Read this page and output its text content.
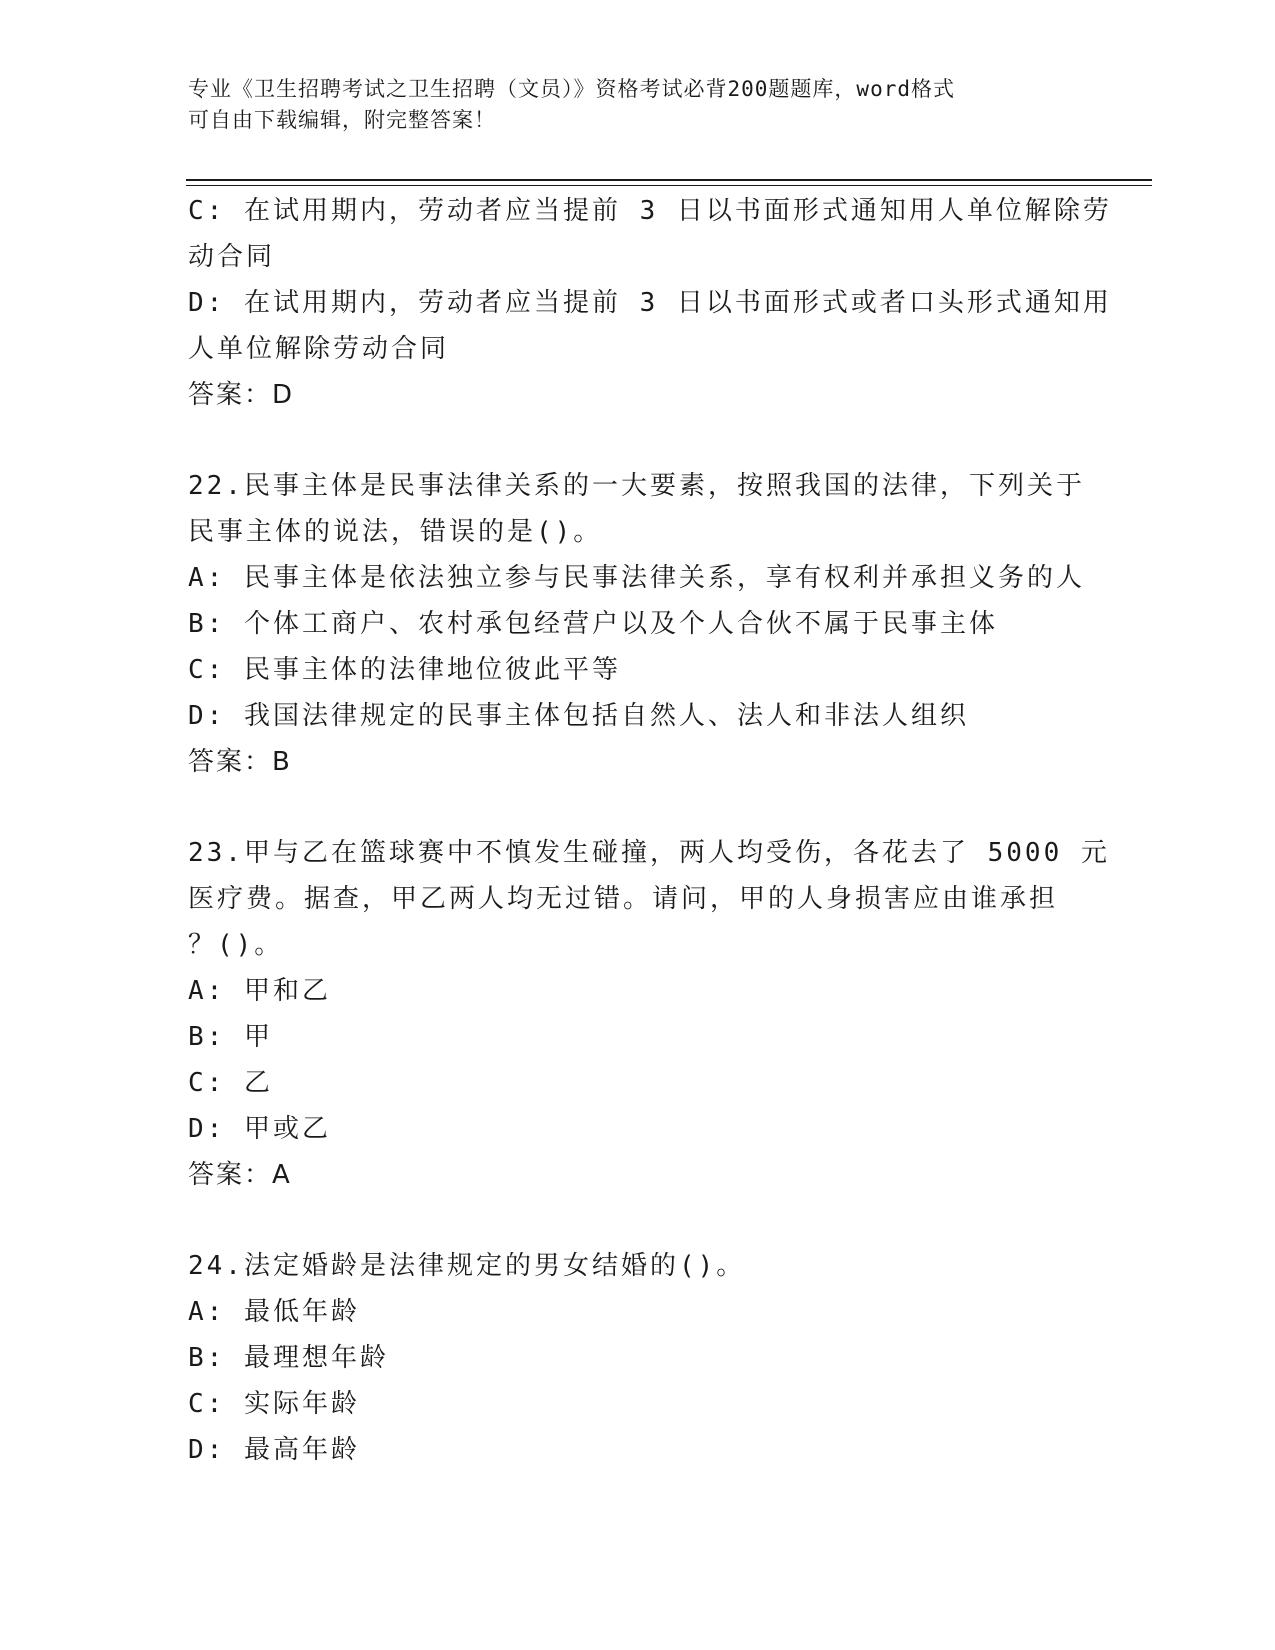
专业《卫生招聘考试之卫生招聘（文员）》资格考试必背200题题库，word格式
可自由下载编辑，附完整答案！
C: 在试用期内，劳动者应当提前 3 日以书面形式通知用人单位解除劳
动合同
D: 在试用期内，劳动者应当提前 3 日以书面形式或者口头形式通知用
人单位解除劳动合同
答案：D
22.民事主体是民事法律关系的一大要素，按照我国的法律，下列关于
民事主体的说法，错误的是()。
A: 民事主体是依法独立参与民事法律关系，享有权利并承担义务的人
B: 个体工商户、农村承包经营户以及个人合伙不属于民事主体
C: 民事主体的法律地位彼此平等
D: 我国法律规定的民事主体包括自然人、法人和非法人组织
答案：B
23.甲与乙在篮球赛中不慎发生碰撞，两人均受伤，各花去了 5000 元
医疗费。据查，甲乙两人均无过错。请问，甲的人身损害应由谁承担
？()。
A: 甲和乙
B: 甲
C: 乙
D: 甲或乙
答案：A
24.法定婚龄是法律规定的男女结婚的()。
A: 最低年龄
B: 最理想年龄
C: 实际年龄
D: 最高年龄
